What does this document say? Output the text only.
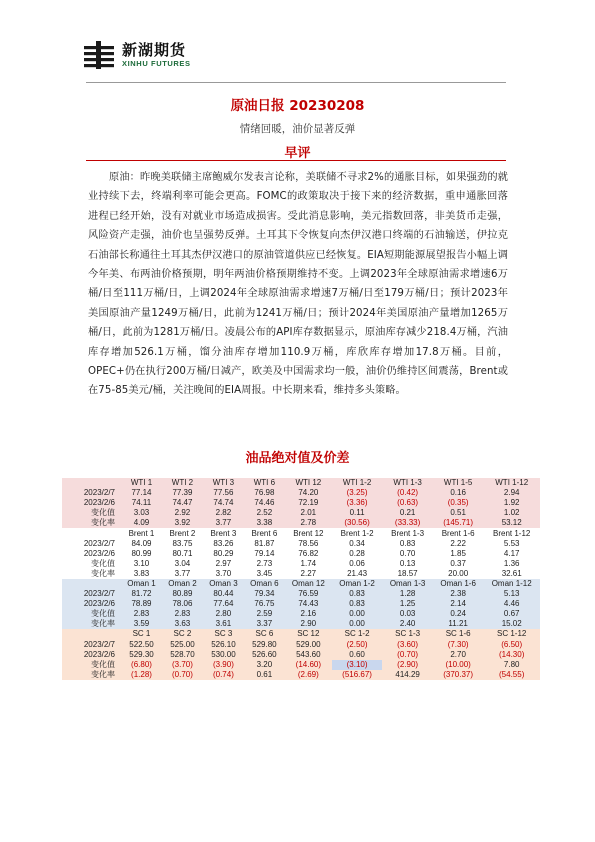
新湖期货
XINHU FUTURES
原油日报 20230208
情绪回暖，油价显著反弹
早评
原油：昨晚美联储主席鲍威尔发表言论称，美联储不寻求2%的通胀目标，如果强劲的就业持续下去，终端利率可能会更高。FOMC的政策取决于接下来的经济数据，重申通胀回落进程已经开始，没有对就业市场造成损害。受此消息影响，美元指数回落，非美货币走强，风险资产走强，油价也呈强势反弹。土耳其下令恢复向杰伊汉港口终端的石油输送，伊拉克石油部长称通往土耳其杰伊汉港口的原油管道供应已经恢复。EIA短期能源展望报告小幅上调今年美、布两油价格预期，明年两油价格预期维持不变。上调2023年全球原油需求增速6万桶/日至111万桶/日，上调2024年全球原油需求增速7万桶/日至179万桶/日；预计2023年美国原油产量1249万桶/日，此前为1241万桶/日；预计2024年美国原油产量增加1265万桶/日，此前为1281万桶/日。凌晨公布的API库存数据显示，原油库存减少218.4万桶，汽油库存增加526.1万桶，馏分油库存增加110.9万桶，库欣库存增加17.8万桶。目前，OPEC+仍在执行200万桶/日减产，欧美及中国需求均一般，油价仍维持区间震荡，Brent或在75-85美元/桶，关注晚间的EIA周报。中长期来看，维持多头策略。
油品绝对值及价差
	WTI 1	WTI 2	WTI 3	WTI 6	WTI 12	WTI 1-2	WTI 1-3	WTI 1-5	WTI 1-12
2023/2/7	77.14	77.39	77.56	76.98	74.20	(3.25)	(0.42)	0.16	2.94
2023/2/6	74.11	74.47	74.74	74.46	72.19	(3.36)	(0.63)	(0.35)	1.92
变化值	3.03	2.92	2.82	2.52	2.01	0.11	0.21	0.51	1.02
变化率	4.09	3.92	3.77	3.38	2.78	(30.56)	(33.33)	(145.71)	53.12
	Brent 1	Brent 2	Brent 3	Brent 6	Brent 12	Brent 1-2	Brent 1-3	Brent 1-6	Brent 1-12
2023/2/7	84.09	83.75	83.26	81.87	78.56	0.34	0.83	2.22	5.53
2023/2/6	80.99	80.71	80.29	79.14	76.82	0.28	0.70	1.85	4.17
变化值	3.10	3.04	2.97	2.73	1.74	0.06	0.13	0.37	1.36
变化率	3.83	3.77	3.70	3.45	2.27	21.43	18.57	20.00	32.61
	Oman 1	Oman 2	Oman 3	Oman 6	Oman 12	Oman 1-2	Oman 1-3	Oman 1-6	Oman 1-12
2023/2/7	81.72	80.89	80.44	79.34	76.59	0.83	1.28	2.38	5.13
2023/2/6	78.89	78.06	77.64	76.75	74.43	0.83	1.25	2.14	4.46
变化值	2.83	2.83	2.80	2.59	2.16	0.00	0.03	0.24	0.67
变化率	3.59	3.63	3.61	3.37	2.90	0.00	2.40	11.21	15.02
	SC 1	SC 2	SC 3	SC 6	SC 12	SC 1-2	SC 1-3	SC 1-6	SC 1-12
2023/2/7	522.50	525.00	526.10	529.80	529.00	(2.50)	(3.60)	(7.30)	(6.50)
2023/2/6	529.30	528.70	530.00	526.60	543.60	0.60	(0.70)	2.70	(14.30)
变化值	(6.80)	(3.70)	(3.90)	3.20	(14.60)	(3.10)	(2.90)	(10.00)	7.80
变化率	(1.28)	(0.70)	(0.74)	0.61	(2.69)	(516.67)	414.29	(370.37)	(54.55)
